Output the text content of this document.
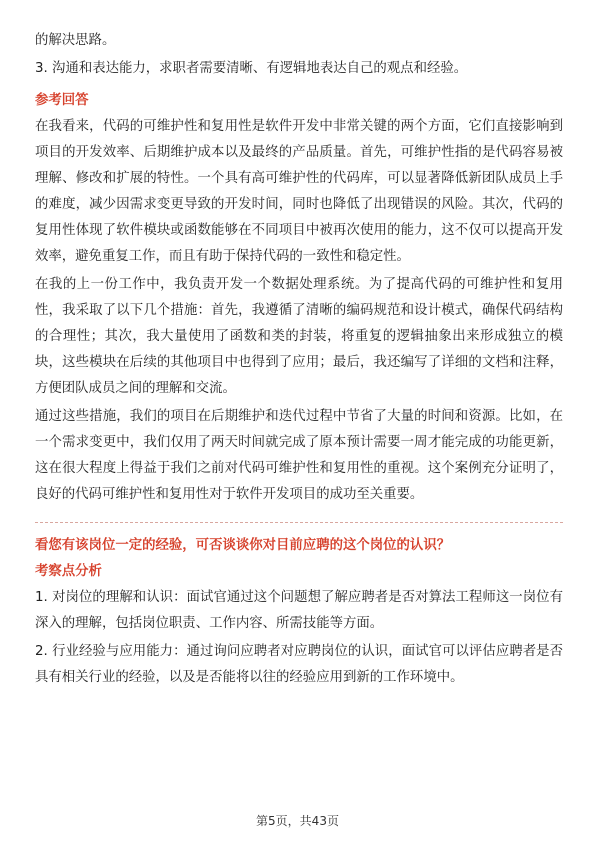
的解决思路。

3. 沟通和表达能力，求职者需要清晰、有逻辑地表达自己的观点和经验。

参考回答

在我看来，代码的可维护性和复用性是软件开发中非常关键的两个方面，它们直接影响到项目的开发效率、后期维护成本以及最终的产品质量。首先，可维护性指的是代码容易被理解、修改和扩展的特性。一个具有高可维护性的代码库，可以显著降低新团队成员上手的难度，减少因需求变更导致的开发时间，同时也降低了出现错误的风险。其次，代码的复用性体现了软件模块或函数能够在不同项目中被再次使用的能力，这不仅可以提高开发效率，避免重复工作，而且有助于保持代码的一致性和稳定性。

在我的上一份工作中，我负责开发一个数据处理系统。为了提高代码的可维护性和复用性，我采取了以下几个措施：首先，我遵循了清晰的编码规范和设计模式，确保代码结构的合理性；其次，我大量使用了函数和类的封装，将重复的逻辑抽象出来形成独立的模块，这些模块在后续的其他项目中也得到了应用；最后，我还编写了详细的文档和注释，方便团队成员之间的理解和交流。

通过这些措施，我们的项目在后期维护和迭代过程中节省了大量的时间和资源。比如，在一个需求变更中，我们仅用了两天时间就完成了原本预计需要一周才能完成的功能更新，这在很大程度上得益于我们之前对代码可维护性和复用性的重视。这个案例充分证明了，良好的代码可维护性和复用性对于软件开发项目的成功至关重要。

看您有该岗位一定的经验，可否谈谈你对目前应聘的这个岗位的认识？

考察点分析

1. 对岗位的理解和认识：面试官通过这个问题想了解应聘者是否对算法工程师这一岗位有深入的理解，包括岗位职责、工作内容、所需技能等方面。

2. 行业经验与应用能力：通过询问应聘者对应聘岗位的认识，面试官可以评估应聘者是否具有相关行业的经验，以及是否能将以往的经验应用到新的工作环境中。

第5页，共43页
